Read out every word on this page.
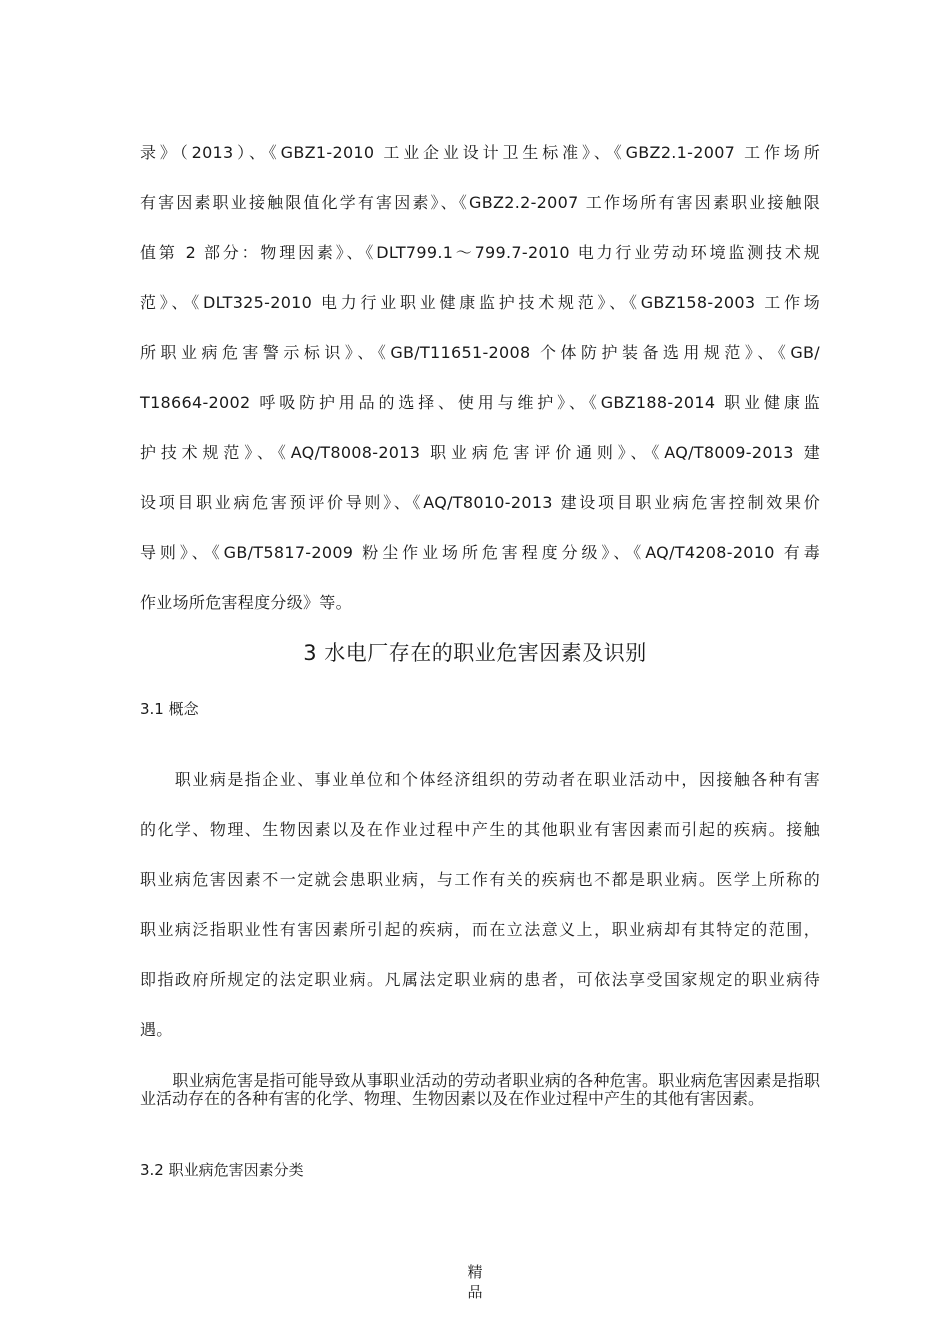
录》（2013）、《GBZ1-2010 工业企业设计卫生标准》、《GBZ2.1-2007 工作场所
有害因素职业接触限值化学有害因素》、《GBZ2.2-2007 工作场所有害因素职业接触限
值第 2 部分：物理因素》、《DLT799.1～799.7-2010 电力行业劳动环境监测技术规
范》、《DLT325-2010 电力行业职业健康监护技术规范》、《GBZ158-2003 工作场
所职业病危害警示标识》、《GB/T11651-2008 个体防护装备选用规范》、《GB/
T18664-2002 呼吸防护用品的选择、使用与维护》、《GBZ188-2014 职业健康监
护技术规范》、《AQ/T8008-2013 职业病危害评价通则》、《AQ/T8009-2013 建
设项目职业病危害预评价导则》、《AQ/T8010-2013 建设项目职业病危害控制效果价
导则》、《GB/T5817-2009 粉尘作业场所危害程度分级》、《AQ/T4208-2010 有毒
作业场所危害程度分级》等。
3 水电厂存在的职业危害因素及识别
3.1 概念
　　职业病是指企业、事业单位和个体经济组织的劳动者在职业活动中，因接触各种有害
的化学、物理、生物因素以及在作业过程中产生的其他职业有害因素而引起的疾病。接触
职业病危害因素不一定就会患职业病，与工作有关的疾病也不都是职业病。医学上所称的
职业病泛指职业性有害因素所引起的疾病，而在立法意义上，职业病却有其特定的范围，
即指政府所规定的法定职业病。凡属法定职业病的患者，可依法享受国家规定的职业病待
遇。
　　职业病危害是指可能导致从事职业活动的劳动者职业病的各种危害。职业病危害因素是指职业活动存在的各种有害的化学、物理、生物因素以及在作业过程中产生的其他有害因素。
3.2 职业病危害因素分类
精
品
